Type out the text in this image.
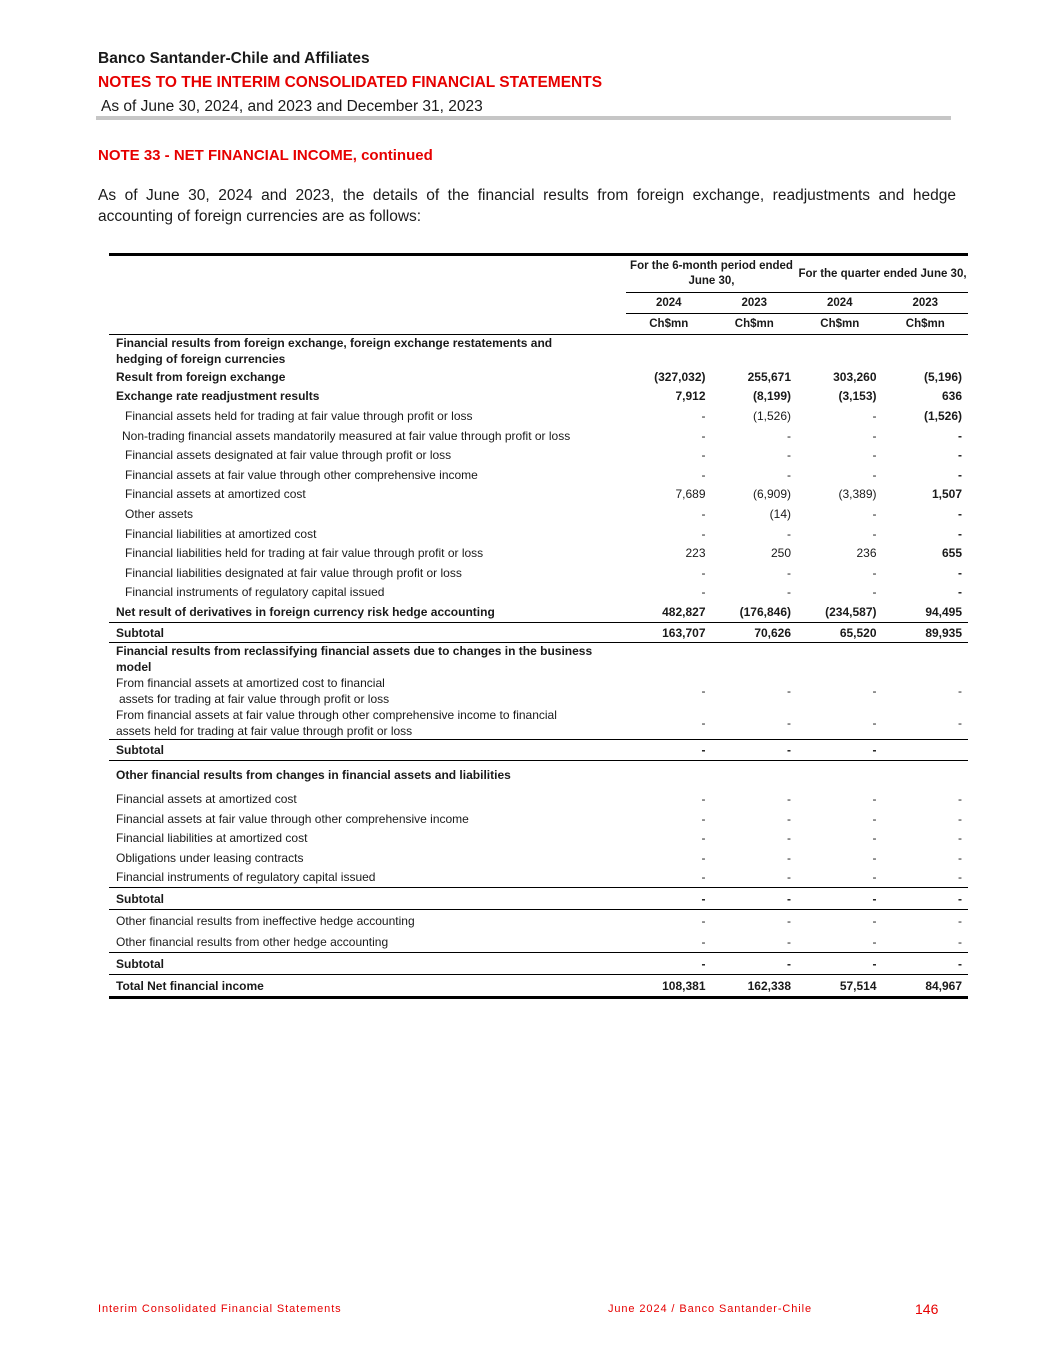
Banco Santander-Chile and Affiliates
NOTES TO THE INTERIM CONSOLIDATED FINANCIAL STATEMENTS
As of June 30, 2024, and 2023 and December 31, 2023
NOTE 33 - NET FINANCIAL INCOME, continued
As of June 30, 2024 and 2023, the details of the financial results from foreign exchange, readjustments and hedge accounting of foreign currencies are as follows:
	For the 6-month period ended June 30,		For the quarter ended June 30,	
	2024	2023	2024	2023
	Ch$mn	Ch$mn	Ch$mn	Ch$mn
Financial results from foreign exchange, foreign exchange restatements and hedging of foreign currencies				
Result from foreign exchange	(327,032)	255,671	303,260	(5,196)
Exchange rate readjustment results	7,912	(8,199)	(3,153)	636
Financial assets held for trading at fair value through profit or loss	-	(1,526)	-	(1,526)
Non-trading financial assets mandatorily measured at fair value through profit or loss	-	-	-	-
Financial assets designated at fair value through profit or loss	-	-	-	-
Financial assets at fair value through other comprehensive income	-	-	-	-
Financial assets at amortized cost	7,689	(6,909)	(3,389)	1,507
Other assets	-	(14)	-	-
Financial liabilities at amortized cost	-	-	-	-
Financial liabilities held for trading at fair value through profit or loss	223	250	236	655
Financial liabilities designated at fair value through profit or loss	-	-	-	-
Financial instruments of regulatory capital issued	-	-	-	-
Net result of derivatives in foreign currency risk hedge accounting	482,827	(176,846)	(234,587)	94,495
Subtotal	163,707	70,626	65,520	89,935
Financial results from reclassifying financial assets due to changes in the business model				

From financial assets at amortized cost to financial
assets for trading at fair value through profit or loss	-	-	-	-

From financial assets at fair value through other comprehensive income to financial
assets held for trading at fair value through profit or loss	-	-	-	-
Subtotal	-	-	-	
Other financial results from changes in financial assets and liabilities				
Financial assets at amortized cost	-	-	-	-
Financial assets at fair value through other comprehensive income	-	-	-	-
Financial liabilities at amortized cost	-	-	-	-
Obligations under leasing contracts	-	-	-	-
Financial instruments of regulatory capital issued	-	-	-	-
Subtotal	-	-	-	-
Other financial results from ineffective hedge accounting	-	-	-	-
Other financial results from other hedge accounting	-	-	-	-
Subtotal	-	-	-	-
Total Net financial income	108,381	162,338	57,514	84,967
Interim Consolidated Financial Statements	June 2024 / Banco Santander-Chile	146
